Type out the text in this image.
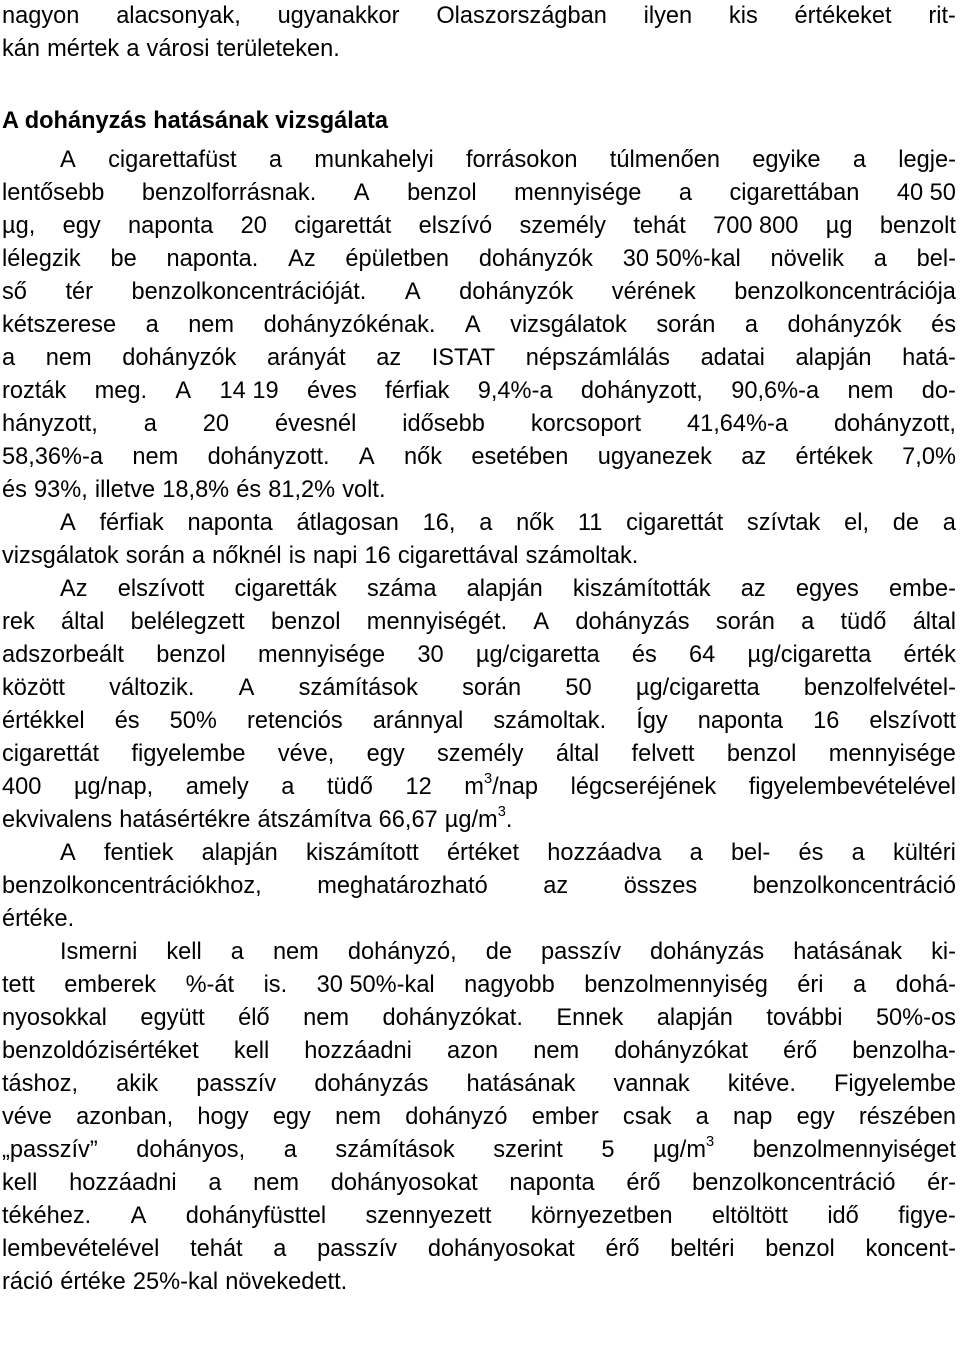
nagyon alacsonyak, ugyanakkor Olaszországban ilyen kis értékeket rit-
kán mértek a városi területeken.
A dohányzás hatásának vizsgálata
A cigarettafüst a munkahelyi forrásokon túlmenően egyike a legje-
lentősebb benzolforrásnak. A benzol mennyisége a cigarettában 40 50
µg, egy naponta 20 cigarettát elszívó személy tehát 700 800 µg benzolt
lélegzik be naponta. Az épületben dohányzók 30 50%-kal növelik a bel-
ső tér benzolkoncentrációját. A dohányzók vérének benzolkoncentrációja
kétszerese a nem dohányzókénak. A vizsgálatok során a dohányzók és
a nem dohányzók arányát az ISTAT népszámlálás adatai alapján hatá-
rozták meg. A 14 19 éves férfiak 9,4%-a dohányzott, 90,6%-a nem do-
hányzott, a 20 évesnél idősebb korcsoport 41,64%-a dohányzott,
58,36%-a nem dohányzott. A nők esetében ugyanezek az értékek 7,0%
és 93%, illetve 18,8% és 81,2% volt.
A férfiak naponta átlagosan 16, a nők 11 cigarettát szívtak el, de a
vizsgálatok során a nőknél is napi 16 cigarettával számoltak.
Az elszívott cigaretták száma alapján kiszámították az egyes embe-
rek által belélegzett benzol mennyiségét. A dohányzás során a tüdő által
adszorbeált benzol mennyisége 30 µg/cigaretta és 64 µg/cigaretta érték
között változik. A számítások során 50 µg/cigaretta benzolfelvétel-
értékkel és 50% retenciós aránnyal számoltak. Így naponta 16 elszívott
cigarettát figyelembe véve, egy személy által felvett benzol mennyisége
400 µg/nap, amely a tüdő 12 $m^3$/nap légcseréjének figyelembevételével
ekvivalens hatásértékre átszámítva 66,67 $\mu g/m^3$.
A fentiek alapján kiszámított értéket hozzáadva a bel- és a kültéri
benzolkoncentrációkhoz, meghatározható az összes benzolkoncentráció
értéke.
Ismerni kell a nem dohányzó, de passzív dohányzás hatásának ki-
tett emberek %-át is. 30 50%-kal nagyobb benzolmennyiség éri a dohá-
nyosokkal együtt élő nem dohányzókat. Ennek alapján további 50%-os
benzoldózisértéket kell hozzáadni azon nem dohányzókat érő benzolha-
táshoz, akik passzív dohányzás hatásának vannak kitéve. Figyelembe
véve azonban, hogy egy nem dohányzó ember csak a nap egy részében
„passzív” dohányos, a számítások szerint 5 $\mu g/m^3$ benzolmennyiséget
kell hozzáadni a nem dohányosokat naponta érő benzolkoncentráció ér-
tékéhez. A dohányfüsttel szennyezett környezetben eltöltött idő figye-
lembevételével tehát a passzív dohányosokat érő beltéri benzol koncent-
ráció értéke 25%-kal növekedett.
